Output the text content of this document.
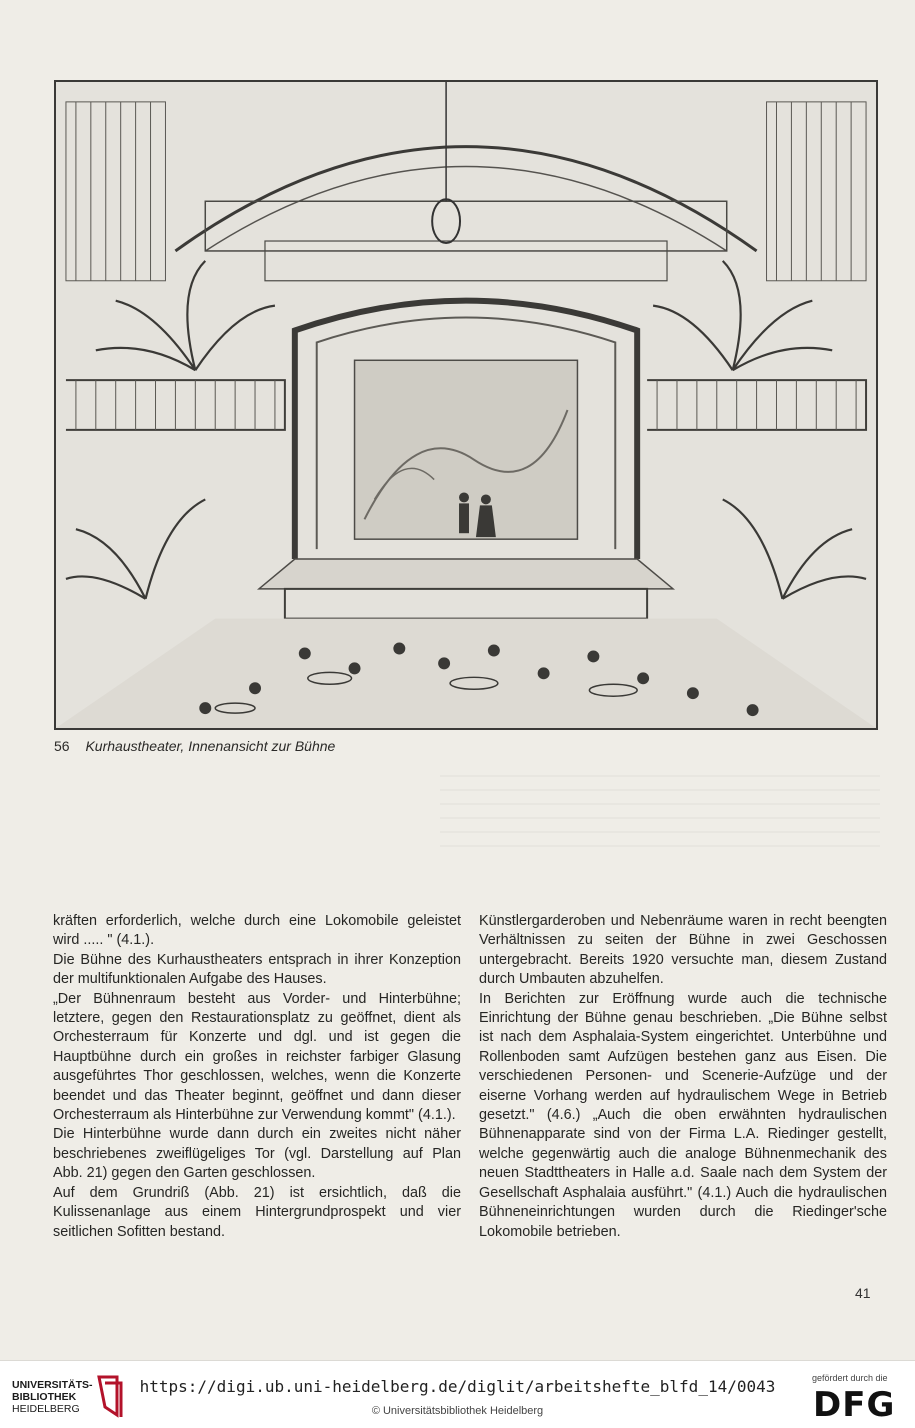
56 Kurhaustheater, Innenansicht zur Bühne

kräften erforderlich, welche durch eine Lokomobile geleistet wird ..... " (4.1.).

Die Bühne des Kurhaustheaters entsprach in ihrer Konzeption der multifunktionalen Aufgabe des Hauses.

„Der Bühnenraum besteht aus Vorder- und Hinterbühne; letztere, gegen den Restaurationsplatz zu geöffnet, dient als Orchesterraum für Konzerte und dgl. und ist gegen die Hauptbühne durch ein großes in reichster farbiger Glasung ausgeführtes Thor geschlossen, welches, wenn die Konzerte beendet und das Theater beginnt, geöffnet und dann dieser Orchesterraum als Hinterbühne zur Verwendung kommt" (4.1.).

Die Hinterbühne wurde dann durch ein zweites nicht näher beschriebenes zweiflügeliges Tor (vgl. Darstellung auf Plan Abb. 21) gegen den Garten geschlossen.

Auf dem Grundriß (Abb. 21) ist ersichtlich, daß die Kulissenanlage aus einem Hintergrundprospekt und vier seitlichen Sofitten bestand.

Künstlergarderoben und Nebenräume waren in recht beengten Verhältnissen zu seiten der Bühne in zwei Geschossen untergebracht. Bereits 1920 versuchte man, diesem Zustand durch Umbauten abzuhelfen.

In Berichten zur Eröffnung wurde auch die technische Einrichtung der Bühne genau beschrieben. „Die Bühne selbst ist nach dem Asphalaia-System eingerichtet. Unterbühne und Rollenboden samt Aufzügen bestehen ganz aus Eisen. Die verschiedenen Personen- und Scenerie-Aufzüge und der eiserne Vorhang werden auf hydraulischem Wege in Betrieb gesetzt." (4.6.) „Auch die oben erwähnten hydraulischen Bühnenapparate sind von der Firma L.A. Riedinger gestellt, welche gegenwärtig auch die analoge Bühnenmechanik des neuen Stadttheaters in Halle a.d. Saale nach dem System der Gesellschaft Asphalaia ausführt." (4.1.) Auch die hydraulischen Bühneneinrichtungen wurden durch die Riedinger'sche Lokomobile betrieben.

41
UNIVERSITÄTS-
BIBLIOTHEK
HEIDELBERG
https://digi.ub.uni-heidelberg.de/diglit/arbeitshefte_blfd_14/0043
© Universitätsbibliothek Heidelberg
gefördert durch die
DFG
